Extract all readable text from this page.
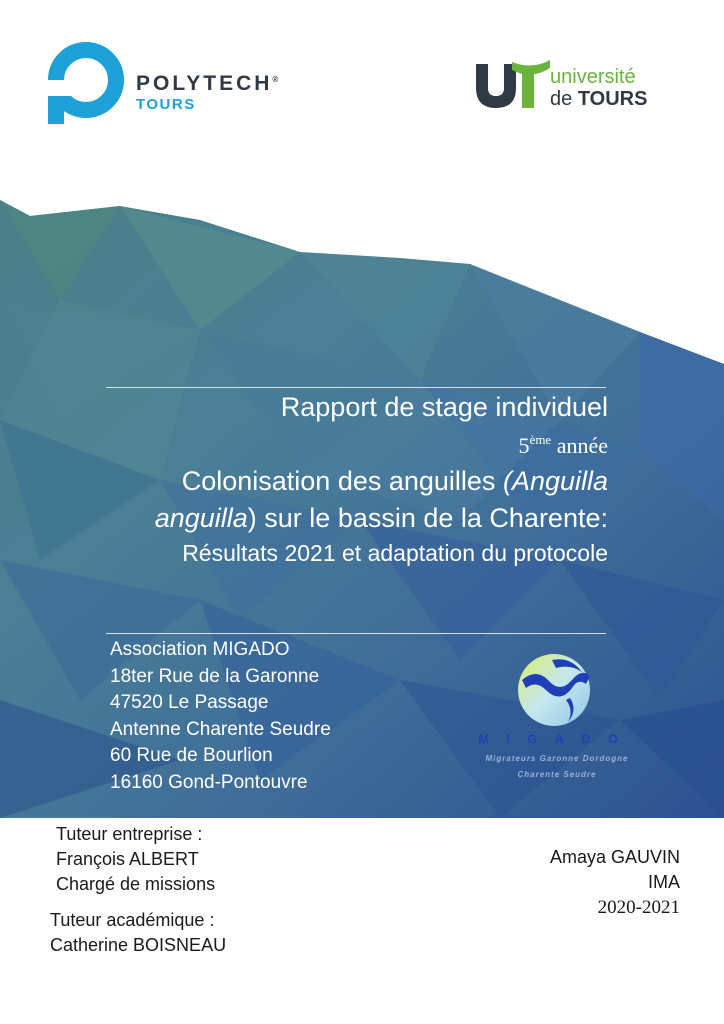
POLYTECH®
TOURS
université
de TOURS
Rapport de stage individuel
5ème année
Colonisation des anguilles (Anguilla
anguilla) sur le bassin de la Charente:
Résultats 2021 et adaptation du protocole
Association MIGADO
18ter Rue de la Garonne
47520 Le Passage
Antenne Charente Seudre
60 Rue de Bourlion
16160 Gond-Pontouvre
MIGADO
Migrateurs Garonne Dordogne
Charente Seudre
Tuteur entreprise :
François ALBERT
Chargé de missions
Tuteur académique :
Catherine BOISNEAU
Amaya GAUVIN
IMA
2020-2021
